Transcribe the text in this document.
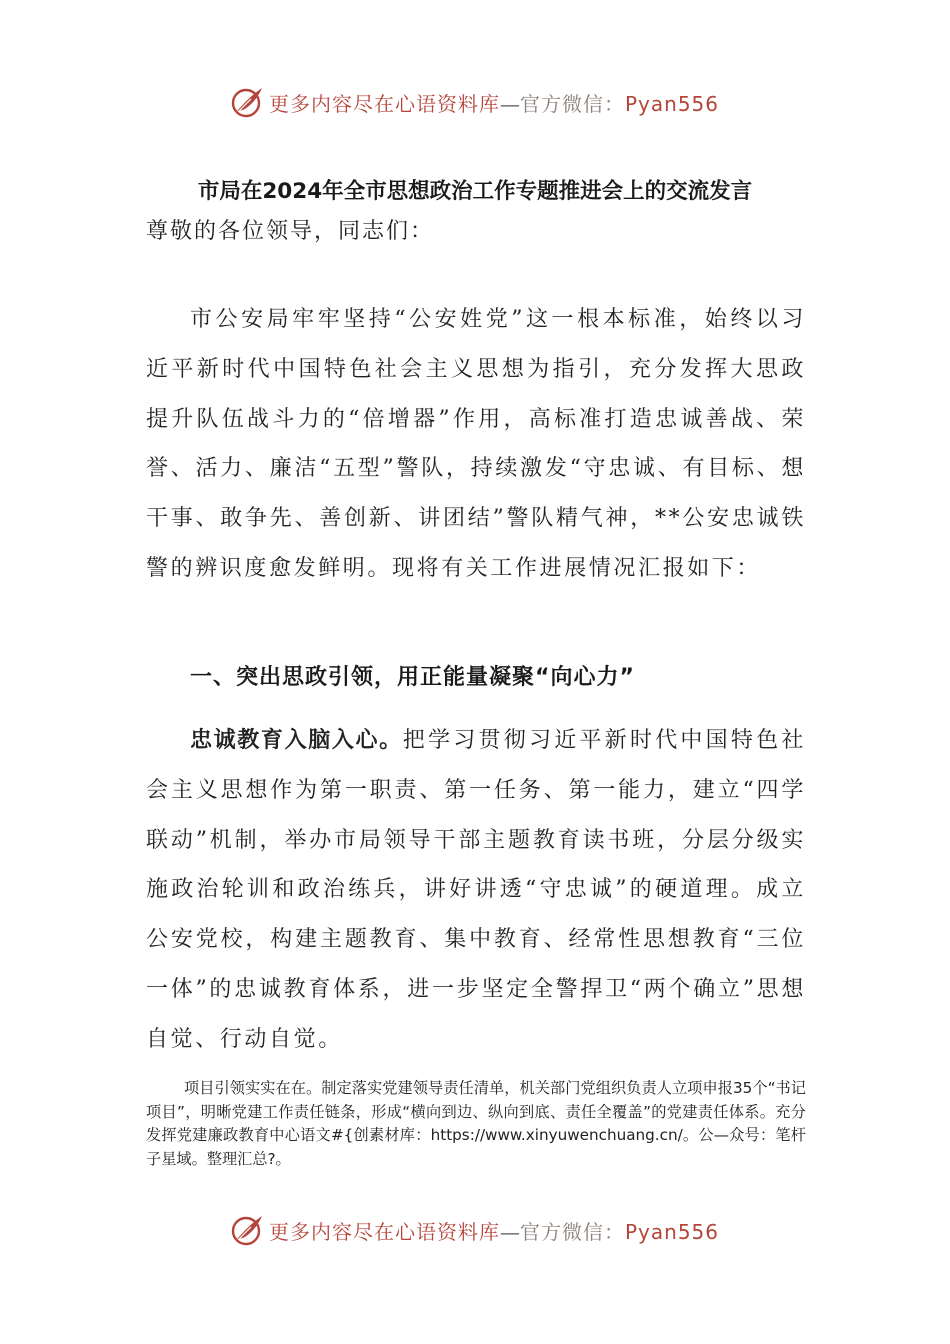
更多内容尽在心语资料库—官方微信：Pyan556
市局在2024年全市思想政治工作专题推进会上的交流发言
尊敬的各位领导，同志们：

市公安局牢牢坚持“公安姓党”这一根本标准，始终以习近平新时代中国特色社会主义思想为指引，充分发挥大思政提升队伍战斗力的“倍增器”作用，高标准打造忠诚善战、荣誉、活力、廉洁“五型”警队，持续激发“守忠诚、有目标、想干事、敢争先、善创新、讲团结”警队精气神，**公安忠诚铁警的辨识度愈发鲜明。现将有关工作进展情况汇报如下：

一、突出思政引领，用正能量凝聚“向心力”

忠诚教育入脑入心。把学习贯彻习近平新时代中国特色社会主义思想作为第一职责、第一任务、第一能力，建立“四学联动”机制，举办市局领导干部主题教育读书班，分层分级实施政治轮训和政治练兵，讲好讲透“守忠诚”的硬道理。成立公安党校，构建主题教育、集中教育、经常性思想教育“三位一体”的忠诚教育体系，进一步坚定全警捍卫“两个确立”思想自觉、行动自觉。

项目引领实实在在。制定落实党建领导责任清单，机关部门党组织负责人立项申报35个“书记项目”，明晰党建工作责任链条，形成“横向到边、纵向到底、责任全覆盖”的党建责任体系。充分发挥党建廉政教育中心语文#{创素材库：https://www.xinyuwenchuang.cn/。公—众号：笔杆子星域。整理汇总?。

更多内容尽在心语资料库—官方微信：Pyan556
